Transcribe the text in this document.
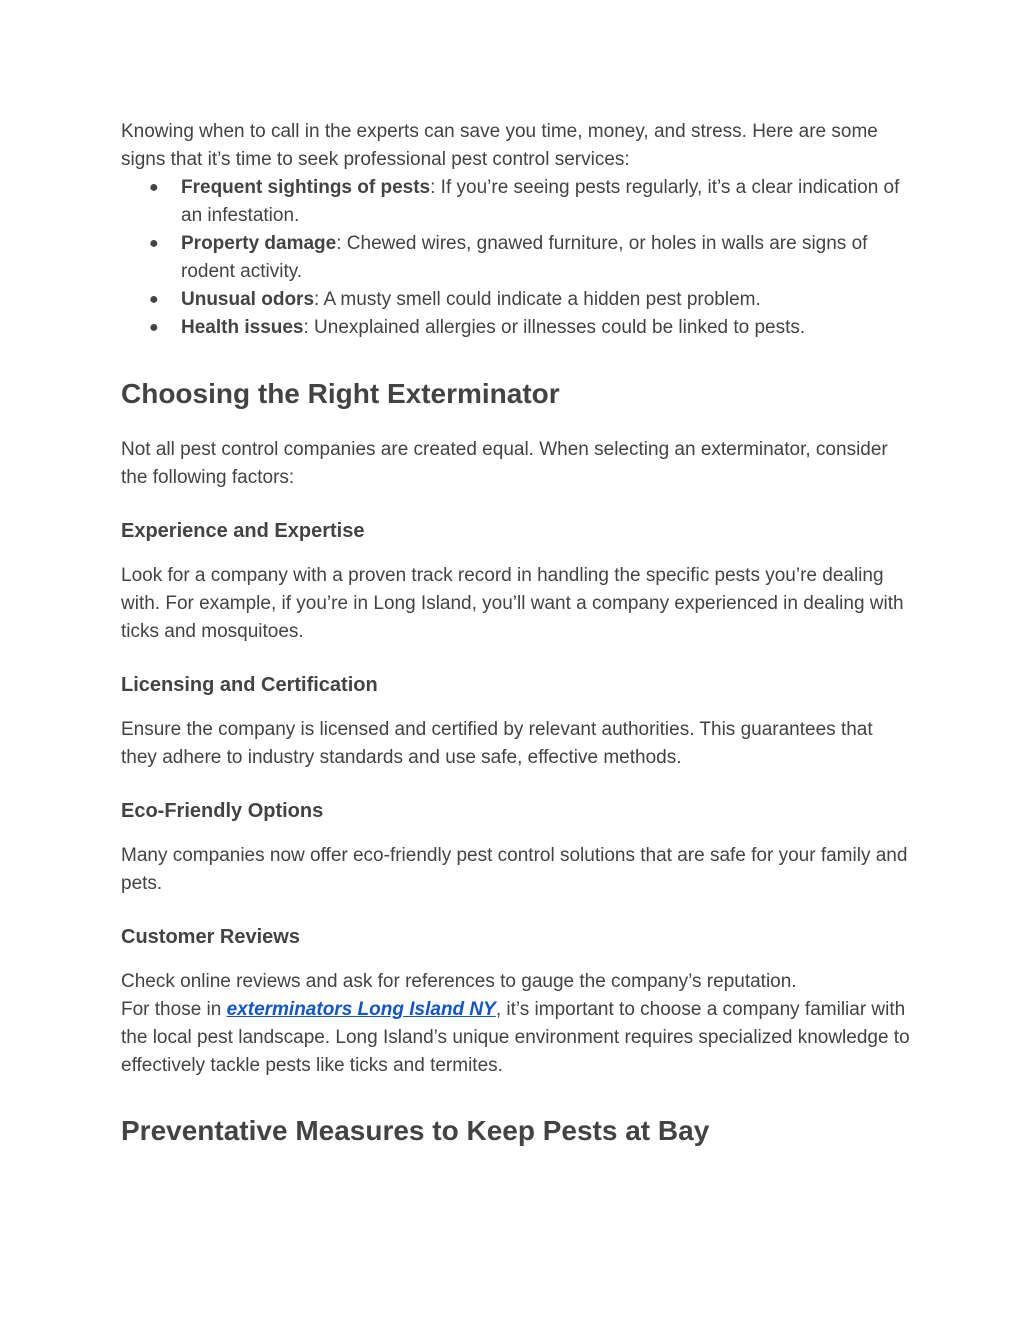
Knowing when to call in the experts can save you time, money, and stress. Here are some signs that it’s time to seek professional pest control services:

● Frequent sightings of pests: If you’re seeing pests regularly, it’s a clear indication of an infestation.
● Property damage: Chewed wires, gnawed furniture, or holes in walls are signs of rodent activity.
● Unusual odors: A musty smell could indicate a hidden pest problem.
● Health issues: Unexplained allergies or illnesses could be linked to pests.
Choosing the Right Exterminator

Not all pest control companies are created equal. When selecting an exterminator, consider the following factors:

Experience and Expertise

Look for a company with a proven track record in handling the specific pests you’re dealing with. For example, if you’re in Long Island, you’ll want a company experienced in dealing with ticks and mosquitoes.

Licensing and Certification

Ensure the company is licensed and certified by relevant authorities. This guarantees that they adhere to industry standards and use safe, effective methods.

Eco-Friendly Options

Many companies now offer eco-friendly pest control solutions that are safe for your family and pets.

Customer Reviews

Check online reviews and ask for references to gauge the company’s reputation.

For those in exterminators Long Island NY, it’s important to choose a company familiar with the local pest landscape. Long Island’s unique environment requires specialized knowledge to effectively tackle pests like ticks and termites.

Preventative Measures to Keep Pests at Bay
